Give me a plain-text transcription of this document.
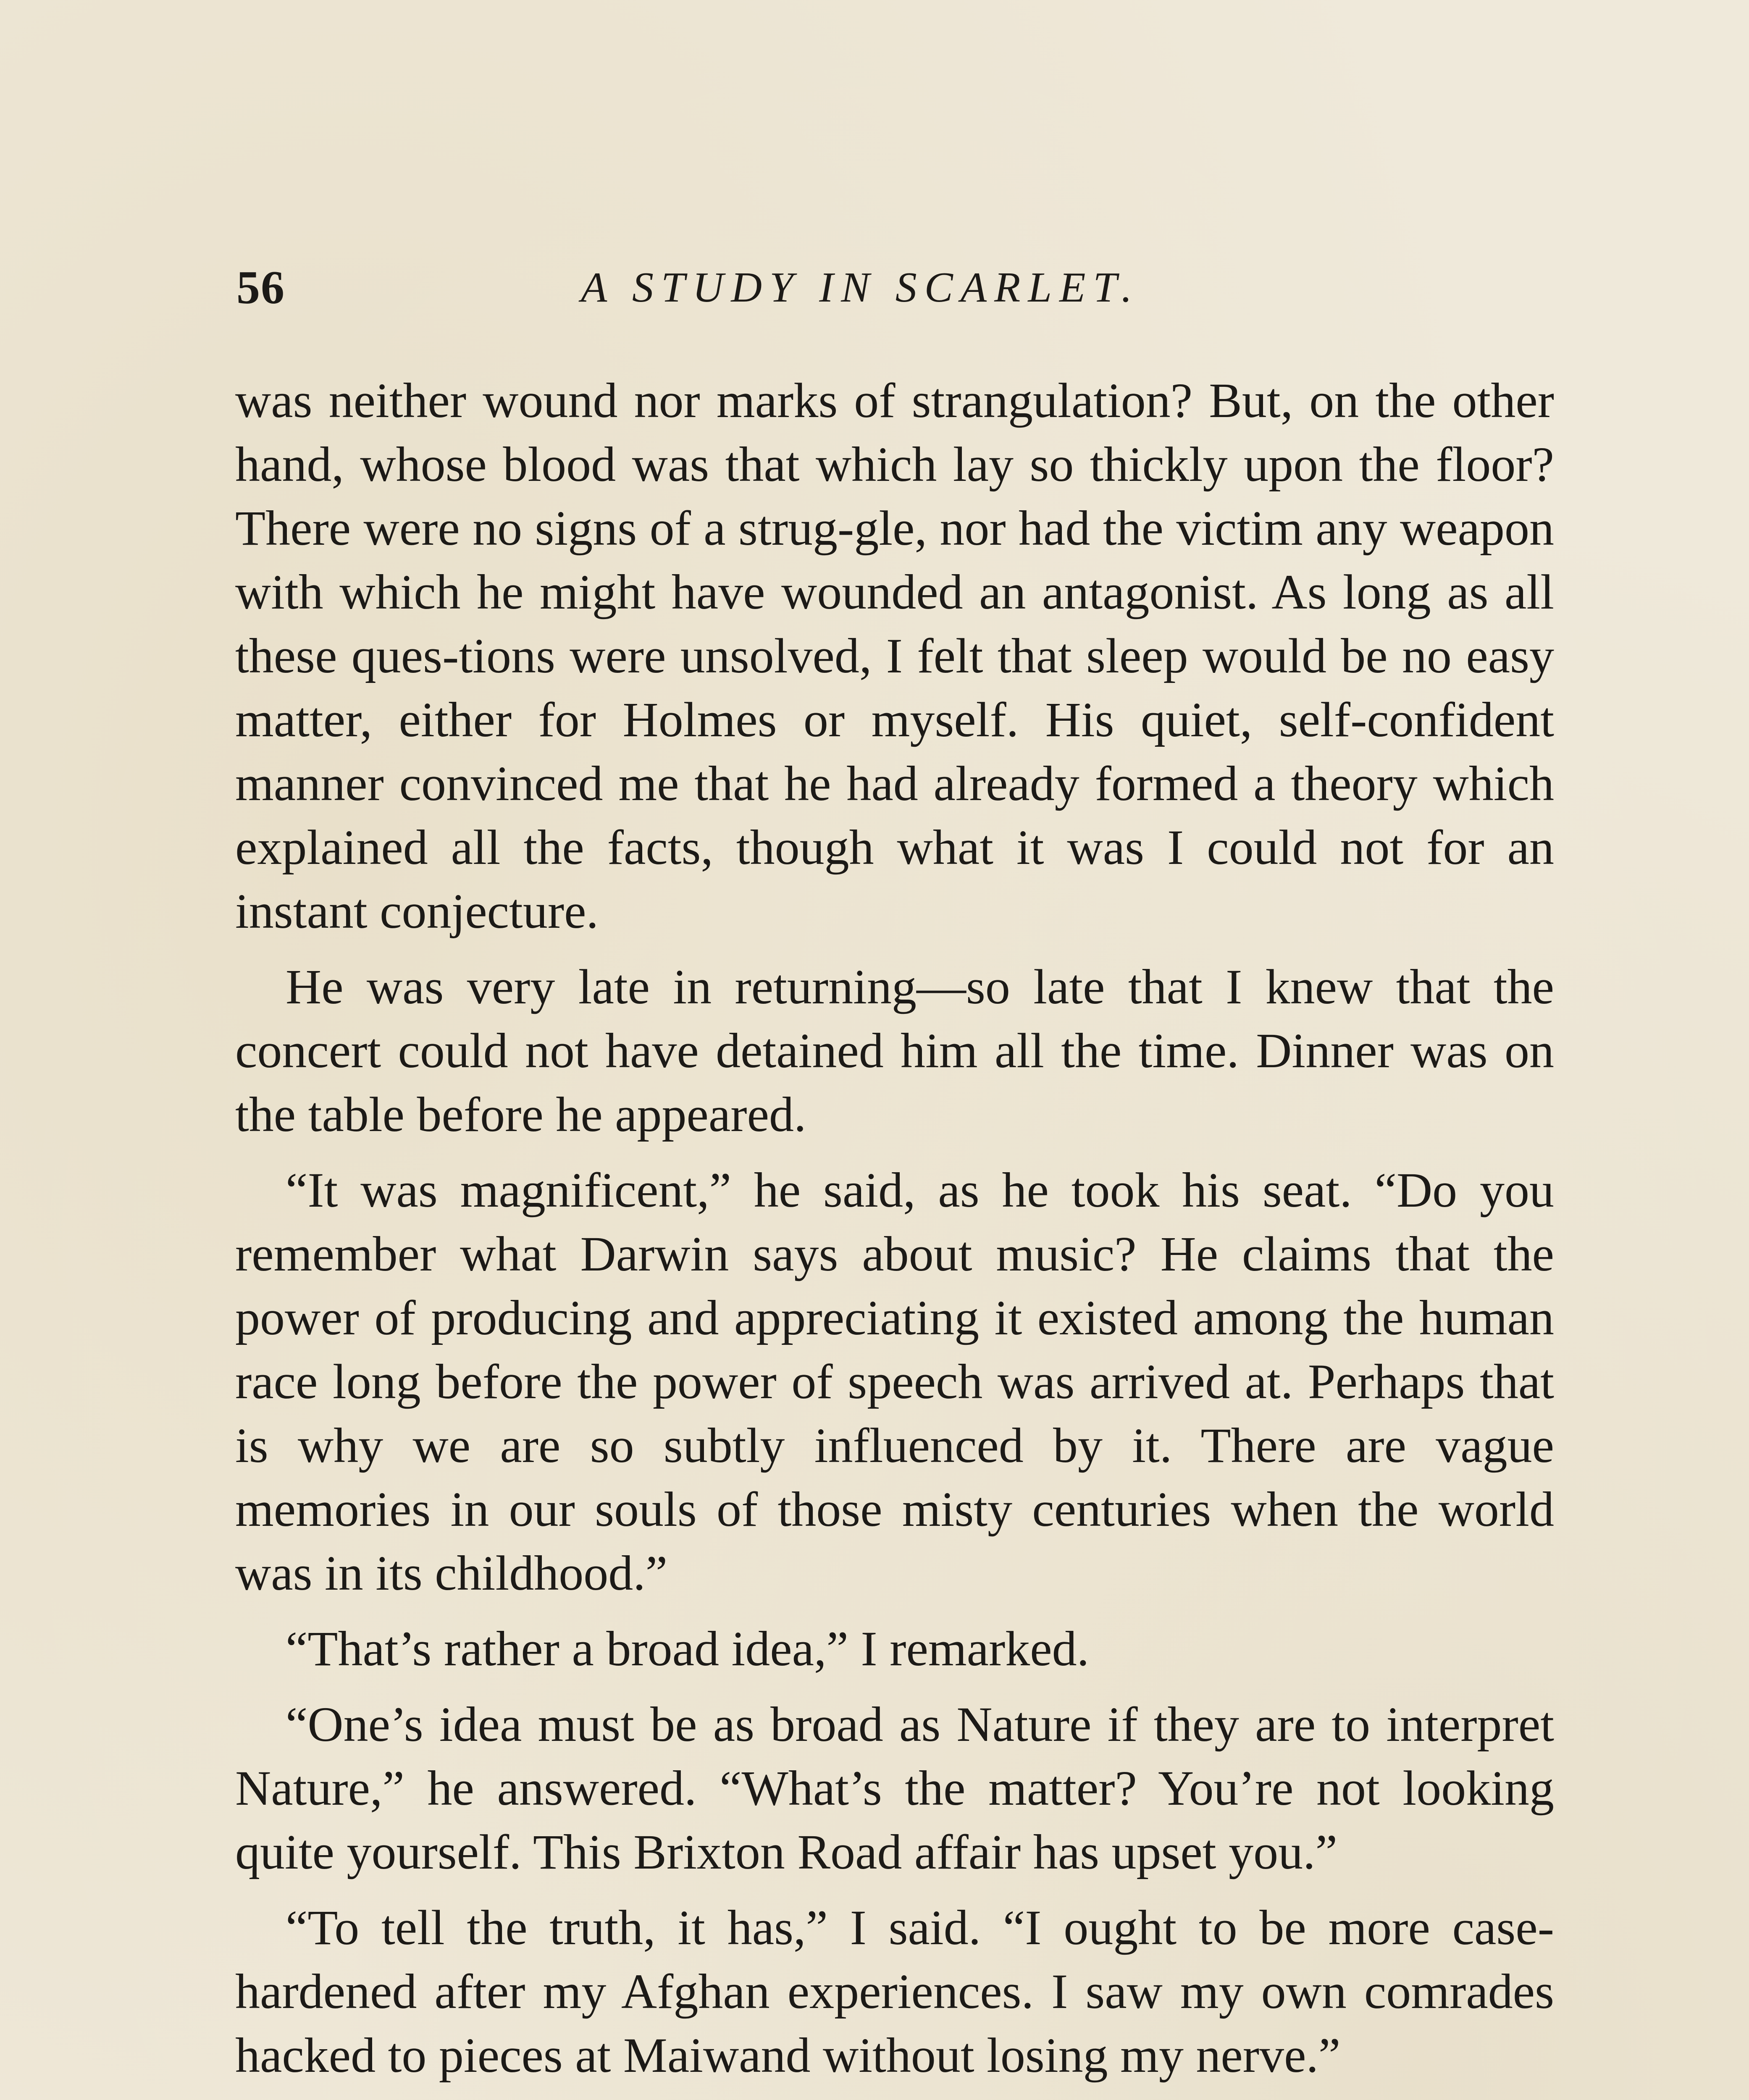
56	A STUDY IN SCARLET.

was neither wound nor marks of strangulation? But, on the other hand, whose blood was that which lay so thickly upon the floor? There were no signs of a strug-gle, nor had the victim any weapon with which he might have wounded an antagonist. As long as all these ques-tions were unsolved, I felt that sleep would be no easy matter, either for Holmes or myself. His quiet, self-confident manner convinced me that he had already formed a theory which explained all the facts, though what it was I could not for an instant conjecture.

He was very late in returning—so late that I knew that the concert could not have detained him all the time. Dinner was on the table before he appeared.

“It was magnificent,” he said, as he took his seat. “Do you remember what Darwin says about music? He claims that the power of producing and appreciating it existed among the human race long before the power of speech was arrived at. Perhaps that is why we are so subtly influenced by it. There are vague memories in our souls of those misty centuries when the world was in its childhood.”

“That’s rather a broad idea,” I remarked.

“One’s idea must be as broad as Nature if they are to interpret Nature,” he answered. “What’s the matter? You’re not looking quite yourself. This Brixton Road affair has upset you.”

“To tell the truth, it has,” I said. “I ought to be more case-hardened after my Afghan experiences. I saw my own comrades hacked to pieces at Maiwand without losing my nerve.”
